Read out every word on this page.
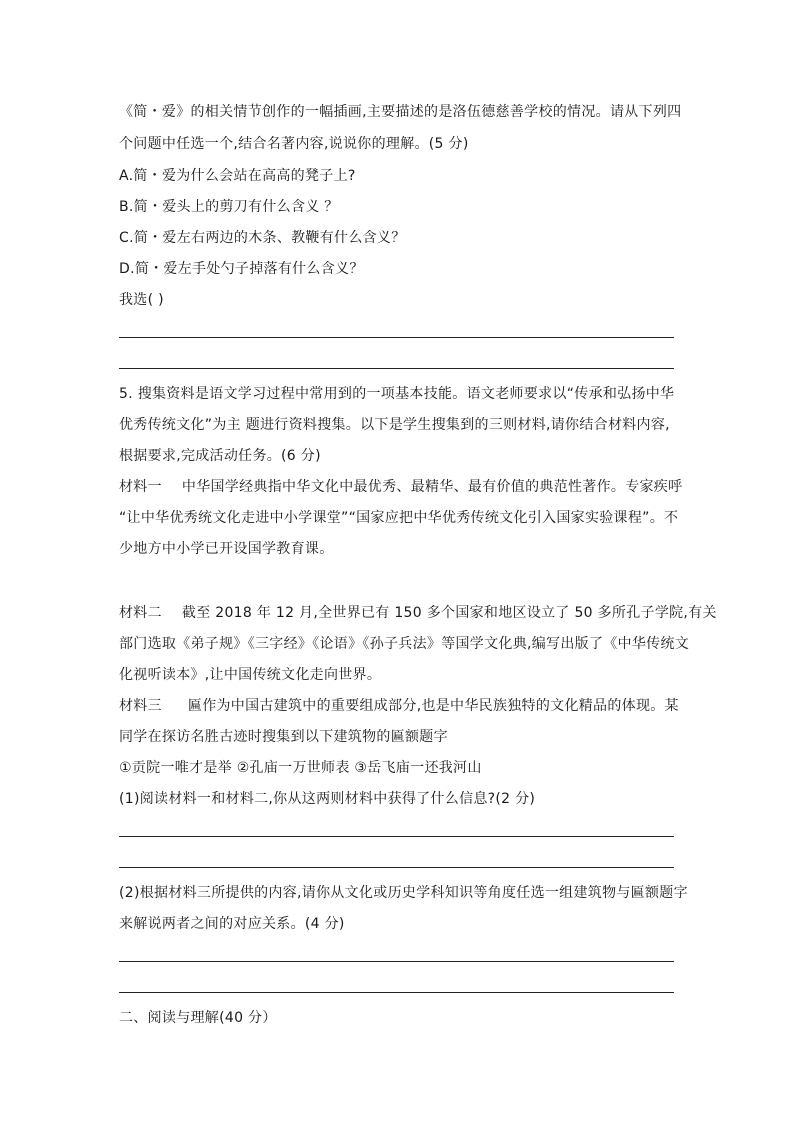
《简・爱》的相关情节创作的一幅插画,主要描述的是洛伍德慈善学校的情况。请从下列四
个问题中任选一个,结合名著内容,说说你的理解。(5 分)
A.简・爱为什么会站在高高的凳子上?
B.简・爱头上的剪刀有什么含义 ？
C.简・爱左右两边的木条、教鞭有什么含义？
D.简・爱左手处勺子掉落有什么含义？
我选( )
5. 搜集资料是语文学习过程中常用到的一项基本技能。语文老师要求以“传承和弘扬中华
优秀传统文化”为主 题进行资料搜集。以下是学生搜集到的三则材料,请你结合材料内容,
根据要求,完成活动任务。(6 分)
材料一 中华国学经典指中华文化中最优秀、最精华、最有价值的典范性著作。专家疾呼
“让中华优秀统文化走进中小学课堂”“国家应把中华优秀传统文化引入国家实验课程”。不
少地方中小学已开设国学教育课。
材料二 截至 2018 年 12 月,全世界已有 150 多个国家和地区设立了 50 多所孔子学院,有关
部门选取《弟子规》《三字经》《论语》《孙子兵法》等国学文化典,编写出版了《中华传统文
化视听读本》,让中国传统文化走向世界。
材料三 匾作为中国古建筑中的重要组成部分,也是中华民族独特的文化精品的体现。某
同学在探访名胜古迹时搜集到以下建筑物的匾额题字
①贡院一唯才是举 ②孔庙一万世师表 ③岳飞庙一还我河山
(1)阅读材料一和材料二,你从这两则材料中获得了什么信息?(2 分)
(2)根据材料三所提供的内容,请你从文化或历史学科知识等角度任选一组建筑物与匾额题字
来解说两者之间的对应关系。(4 分)
二、阅读与理解(40 分）
